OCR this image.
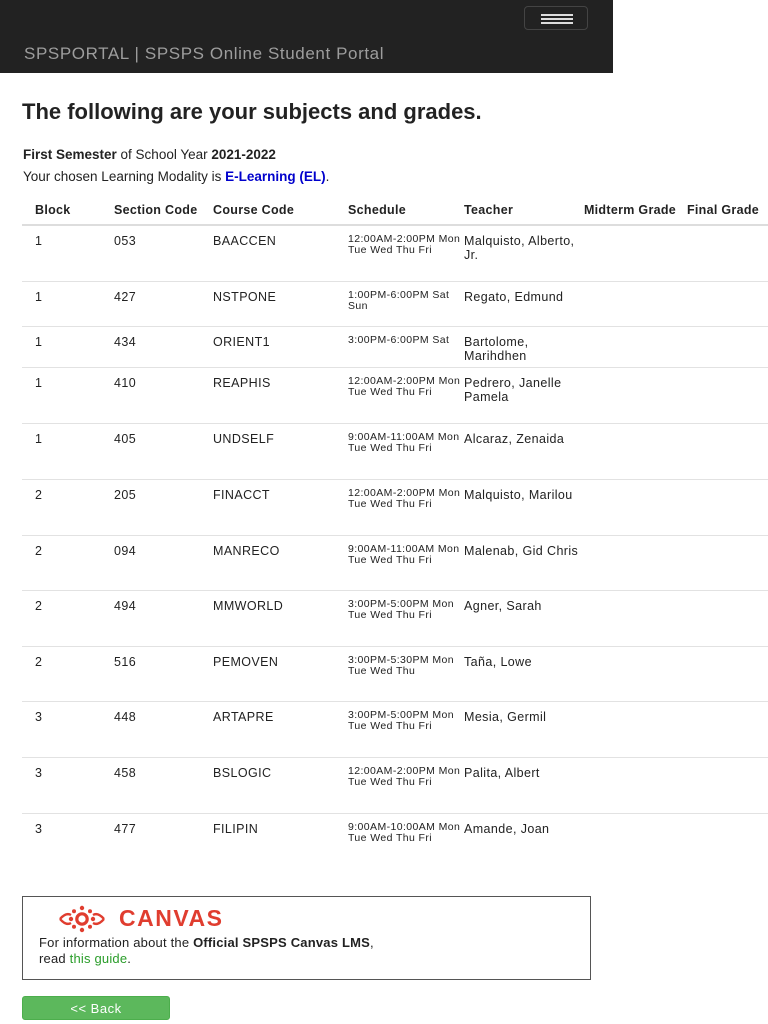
SPSPORTAL | SPSPS Online Student Portal
The following are your subjects and grades.
First Semester of School Year 2021-2022
Your chosen Learning Modality is E-Learning (EL).
Block	Section Code	Course Code	Schedule	Teacher	Midterm Grade	Final Grade
1	053	BAACCEN	12:00AM-2:00PM Mon Tue Wed Thu Fri	Malquisto, Alberto, Jr.		
1	427	NSTPONE	1:00PM-6:00PM Sat Sun	Regato, Edmund		
1	434	ORIENT1	3:00PM-6:00PM Sat	Bartolome, Marihdhen		
1	410	REAPHIS	12:00AM-2:00PM Mon Tue Wed Thu Fri	Pedrero, Janelle Pamela		
1	405	UNDSELF	9:00AM-11:00AM Mon Tue Wed Thu Fri	Alcaraz, Zenaida		
2	205	FINACCT	12:00AM-2:00PM Mon Tue Wed Thu Fri	Malquisto, Marilou		
2	094	MANRECO	9:00AM-11:00AM Mon Tue Wed Thu Fri	Malenab, Gid Chris		
2	494	MMWORLD	3:00PM-5:00PM Mon Tue Wed Thu Fri	Agner, Sarah		
2	516	PEMOVEN	3:00PM-5:30PM Mon Tue Wed Thu	Taña, Lowe		
3	448	ARTAPRE	3:00PM-5:00PM Mon Tue Wed Thu Fri	Mesia, Germil		
3	458	BSLOGIC	12:00AM-2:00PM Mon Tue Wed Thu Fri	Palita, Albert		
3	477	FILIPIN	9:00AM-10:00AM Mon Tue Wed Thu Fri	Amande, Joan		
CANVAS
For information about the Official SPSPS Canvas LMS,
read this guide.
<< Back
